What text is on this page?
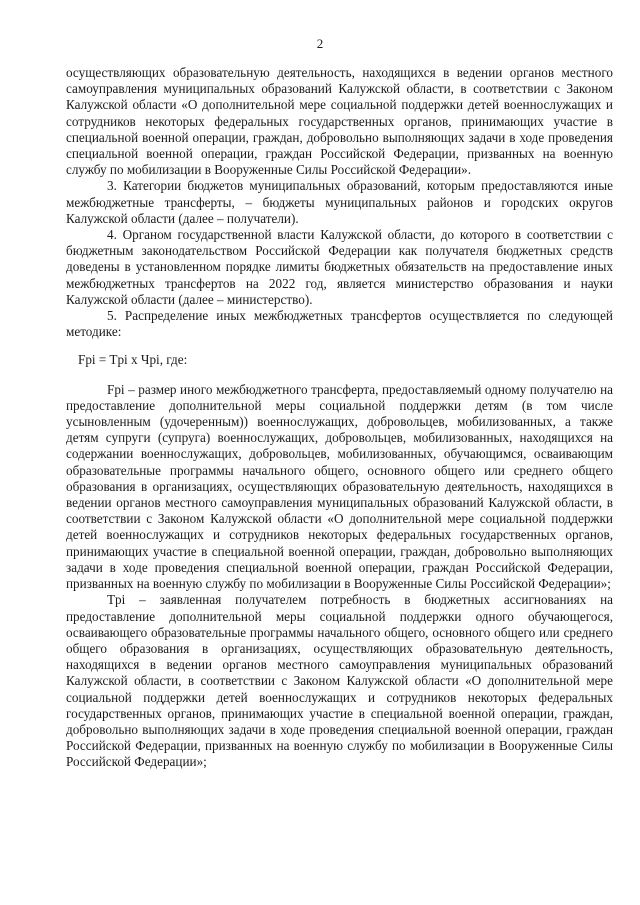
2

осуществляющих образовательную деятельность, находящихся в ведении органов местного самоуправления муниципальных образований Калужской области, в соответствии с Законом Калужской области «О дополнительной мере социальной поддержки детей военнослужащих и сотрудников некоторых федеральных государственных органов, принимающих участие в специальной военной операции, граждан, добровольно выполняющих задачи в ходе проведения специальной военной операции, граждан Российской Федерации, призванных на военную службу по мобилизации в Вооруженные Силы Российской Федерации».

3. Категории бюджетов муниципальных образований, которым предоставляются иные межбюджетные трансферты, – бюджеты муниципальных районов и городских округов Калужской области (далее – получатели).

4. Органом государственной власти Калужской области, до которого в соответствии с бюджетным законодательством Российской Федерации как получателя бюджетных средств доведены в установленном порядке лимиты бюджетных обязательств на предоставление иных межбюджетных трансфертов на 2022 год, является министерство образования и науки Калужской области (далее – министерство).

5. Распределение иных межбюджетных трансфертов осуществляется по следующей методике:

Fpi = Tpi х Чpi, где:

Fpi – размер иного межбюджетного трансферта, предоставляемый одному получателю на предоставление дополнительной меры социальной поддержки детям (в том числе усыновленным (удочеренным)) военнослужащих, добровольцев, мобилизованных, а также детям супруги (супруга) военнослужащих, добровольцев, мобилизованных, находящихся на содержании военнослужащих, добровольцев, мобилизованных, обучающимся, осваивающим образовательные программы начального общего, основного общего или среднего общего образования в организациях, осуществляющих образовательную деятельность, находящихся в ведении органов местного самоуправления муниципальных образований Калужской области, в соответствии с Законом Калужской области «О дополнительной мере социальной поддержки детей военнослужащих и сотрудников некоторых федеральных государственных органов, принимающих участие в специальной военной операции, граждан, добровольно выполняющих задачи в ходе проведения специальной военной операции, граждан Российской Федерации, призванных на военную службу по мобилизации в Вооруженные Силы Российской Федерации»;

Tpi – заявленная получателем потребность в бюджетных ассигнованиях на предоставление дополнительной меры социальной поддержки одного обучающегося, осваивающего образовательные программы начального общего, основного общего или среднего общего образования в организациях, осуществляющих образовательную деятельность, находящихся в ведении органов местного самоуправления муниципальных образований Калужской области, в соответствии с Законом Калужской области «О дополнительной мере социальной поддержки детей военнослужащих и сотрудников некоторых федеральных государственных органов, принимающих участие в специальной военной операции, граждан, добровольно выполняющих задачи в ходе проведения специальной военной операции, граждан Российской Федерации, призванных на военную службу по мобилизации в Вооруженные Силы Российской Федерации»;
